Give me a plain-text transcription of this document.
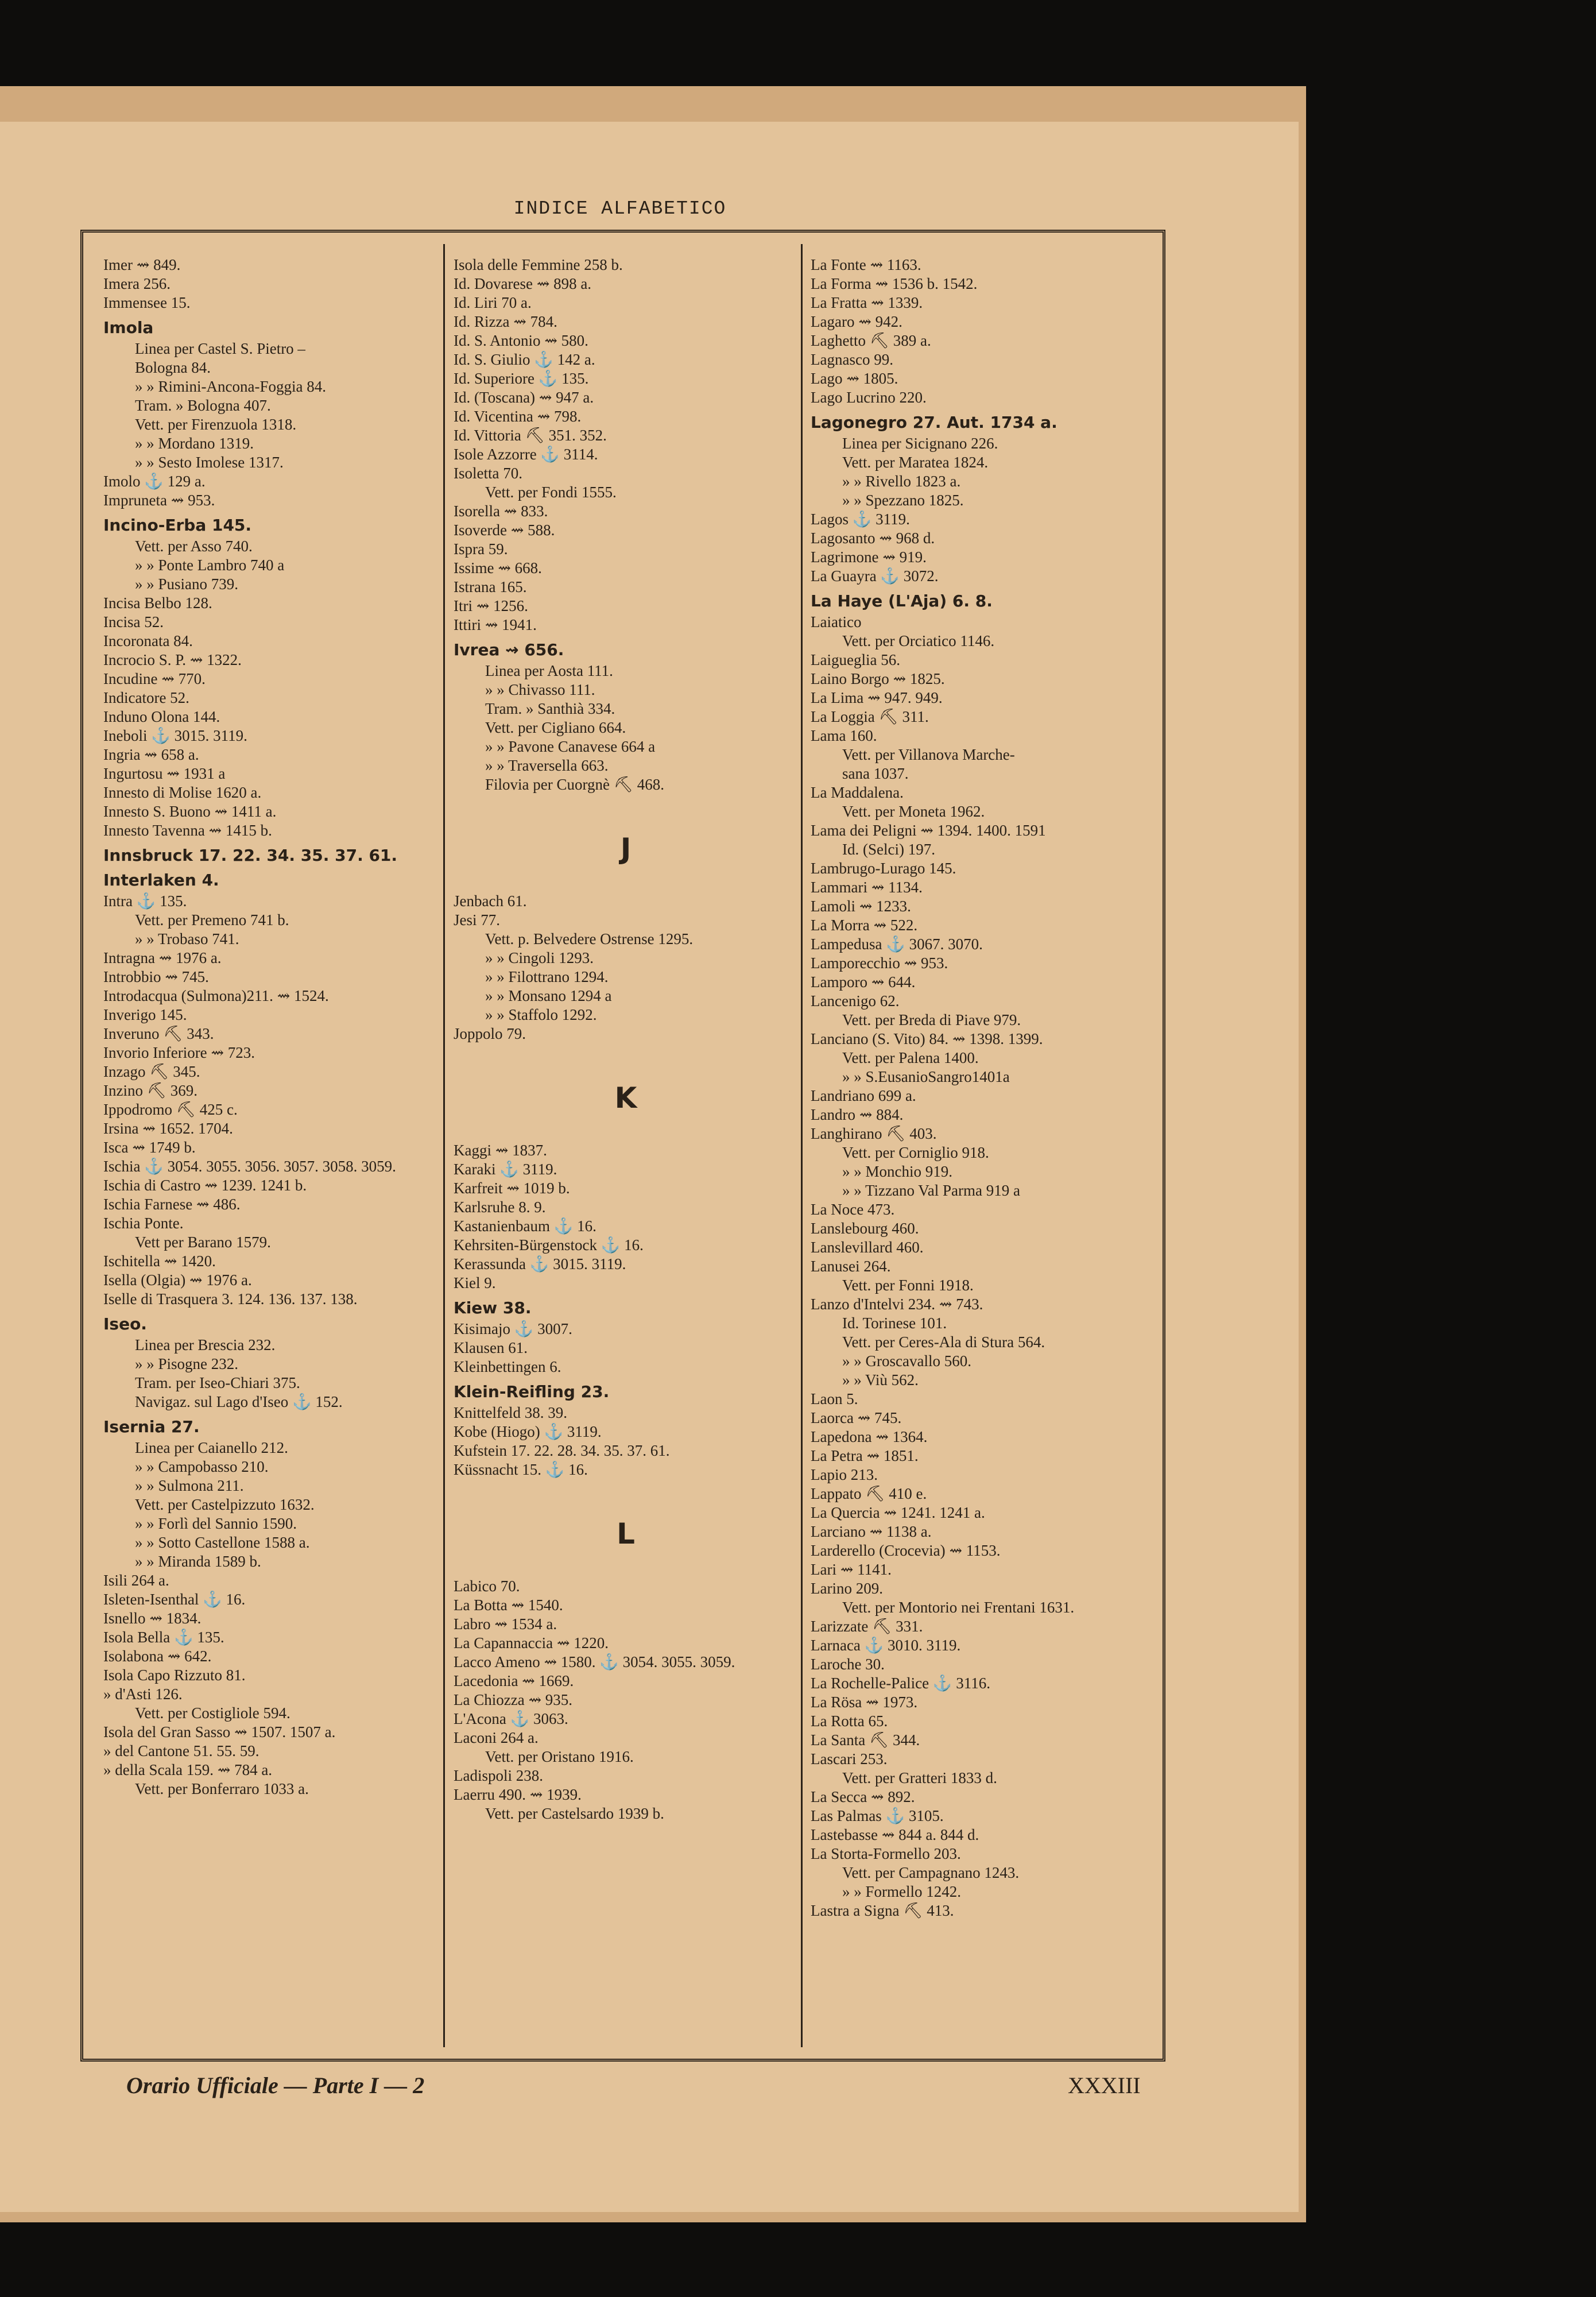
INDICE ALFABETICO
Imer ⇝ 849.
Imera 256.
Immensee 15.
Imola
Linea per Castel S. Pietro –
Bologna 84.
» » Rimini-Ancona-Foggia 84.
Tram. » Bologna 407.
Vett. per Firenzuola 1318.
» » Mordano 1319.
» » Sesto Imolese 1317.
Imolo ⚓ 129 a.
Impruneta ⇝ 953.
Incino-Erba 145.
Vett. per Asso 740.
» » Ponte Lambro 740 a
» » Pusiano 739.
Incisa Belbo 128.
Incisa 52.
Incoronata 84.
Incrocio S. P. ⇝ 1322.
Incudine ⇝ 770.
Indicatore 52.
Induno Olona 144.
Ineboli ⚓ 3015. 3119.
Ingria ⇝ 658 a.
Ingurtosu ⇝ 1931 a
Innesto di Molise 1620 a.
Innesto S. Buono ⇝ 1411 a.
Innesto Tavenna ⇝ 1415 b.
Innsbruck 17. 22. 34. 35. 37. 61.
Interlaken 4.
Intra ⚓ 135.
Vett. per Premeno 741 b.
» » Trobaso 741.
Intragna ⇝ 1976 a.
Introbbio ⇝ 745.
Introdacqua (Sulmona)211. ⇝ 1524.
Inverigo 145.
Inveruno ⛏ 343.
Invorio Inferiore ⇝ 723.
Inzago ⛏ 345.
Inzino ⛏ 369.
Ippodromo ⛏ 425 c.
Irsina ⇝ 1652. 1704.
Isca ⇝ 1749 b.
Ischia ⚓ 3054. 3055. 3056. 3057. 3058. 3059.
Ischia di Castro ⇝ 1239. 1241 b.
Ischia Farnese ⇝ 486.
Ischia Ponte.
Vett per Barano 1579.
Ischitella ⇝ 1420.
Isella (Olgia) ⇝ 1976 a.
Iselle di Trasquera 3. 124. 136. 137. 138.
Iseo.
Linea per Brescia 232.
» » Pisogne 232.
Tram. per Iseo-Chiari 375.
Navigaz. sul Lago d'Iseo ⚓ 152.
Isernia 27.
Linea per Caianello 212.
» » Campobasso 210.
» » Sulmona 211.
Vett. per Castelpizzuto 1632.
» » Forlì del Sannio 1590.
» » Sotto Castellone 1588 a.
» » Miranda 1589 b.
Isili 264 a.
Isleten-Isenthal ⚓ 16.
Isnello ⇝ 1834.
Isola Bella ⚓ 135.
Isolabona ⇝ 642.
Isola Capo Rizzuto 81.
» d'Asti 126.
Vett. per Costigliole 594.
Isola del Gran Sasso ⇝ 1507. 1507 a.
» del Cantone 51. 55. 59.
» della Scala 159. ⇝ 784 a.
Vett. per Bonferraro 1033 a.
Isola delle Femmine 258 b.
Id. Dovarese ⇝ 898 a.
Id. Liri 70 a.
Id. Rizza ⇝ 784.
Id. S. Antonio ⇝ 580.
Id. S. Giulio ⚓ 142 a.
Id. Superiore ⚓ 135.
Id. (Toscana) ⇝ 947 a.
Id. Vicentina ⇝ 798.
Id. Vittoria ⛏ 351. 352.
Isole Azzorre ⚓ 3114.
Isoletta 70.
Vett. per Fondi 1555.
Isorella ⇝ 833.
Isoverde ⇝ 588.
Ispra 59.
Issime ⇝ 668.
Istrana 165.
Itri ⇝ 1256.
Ittiri ⇝ 1941.
Ivrea ⇝ 656.
Linea per Aosta 111.
» » Chivasso 111.
Tram. » Santhià 334.
Vett. per Cigliano 664.
» » Pavone Canavese 664 a
» » Traversella 663.
Filovia per Cuorgnè ⛏ 468.
J
Jenbach 61.
Jesi 77.
Vett. p. Belvedere Ostrense 1295.
» » Cingoli 1293.
» » Filottrano 1294.
» » Monsano 1294 a
» » Staffolo 1292.
Joppolo 79.
K
Kaggi ⇝ 1837.
Karaki ⚓ 3119.
Karfreit ⇝ 1019 b.
Karlsruhe 8. 9.
Kastanienbaum ⚓ 16.
Kehrsiten-Bürgenstock ⚓ 16.
Kerassunda ⚓ 3015. 3119.
Kiel 9.
Kiew 38.
Kisimajo ⚓ 3007.
Klausen 61.
Kleinbettingen 6.
Klein-Reifling 23.
Knittelfeld 38. 39.
Kobe (Hiogo) ⚓ 3119.
Kufstein 17. 22. 28. 34. 35. 37. 61.
Küssnacht 15. ⚓ 16.
L
Labico 70.
La Botta ⇝ 1540.
Labro ⇝ 1534 a.
La Capannaccia ⇝ 1220.
Lacco Ameno ⇝ 1580. ⚓ 3054. 3055. 3059.
Lacedonia ⇝ 1669.
La Chiozza ⇝ 935.
L'Acona ⚓ 3063.
Laconi 264 a.
Vett. per Oristano 1916.
Ladispoli 238.
Laerru 490. ⇝ 1939.
Vett. per Castelsardo 1939 b.
La Fonte ⇝ 1163.
La Forma ⇝ 1536 b. 1542.
La Fratta ⇝ 1339.
Lagaro ⇝ 942.
Laghetto ⛏ 389 a.
Lagnasco 99.
Lago ⇝ 1805.
Lago Lucrino 220.
Lagonegro 27. Aut. 1734 a.
Linea per Sicignano 226.
Vett. per Maratea 1824.
» » Rivello 1823 a.
» » Spezzano 1825.
Lagos ⚓ 3119.
Lagosanto ⇝ 968 d.
Lagrimone ⇝ 919.
La Guayra ⚓ 3072.
La Haye (L'Aja) 6. 8.
Laiatico
Vett. per Orciatico 1146.
Laigueglia 56.
Laino Borgo ⇝ 1825.
La Lima ⇝ 947. 949.
La Loggia ⛏ 311.
Lama 160.
Vett. per Villanova Marche-
sana 1037.
La Maddalena.
Vett. per Moneta 1962.
Lama dei Peligni ⇝ 1394. 1400. 1591
Id. (Selci) 197.
Lambrugo-Lurago 145.
Lammari ⇝ 1134.
Lamoli ⇝ 1233.
La Morra ⇝ 522.
Lampedusa ⚓ 3067. 3070.
Lamporecchio ⇝ 953.
Lamporo ⇝ 644.
Lancenigo 62.
Vett. per Breda di Piave 979.
Lanciano (S. Vito) 84. ⇝ 1398. 1399.
Vett. per Palena 1400.
» » S.EusanioSangro1401a
Landriano 699 a.
Landro ⇝ 884.
Langhirano ⛏ 403.
Vett. per Corniglio 918.
» » Monchio 919.
» » Tizzano Val Parma 919 a
La Noce 473.
Lanslebourg 460.
Lanslevillard 460.
Lanusei 264.
Vett. per Fonni 1918.
Lanzo d'Intelvi 234. ⇝ 743.
Id. Torinese 101.
Vett. per Ceres-Ala di Stura 564.
» » Groscavallo 560.
» » Viù 562.
Laon 5.
Laorca ⇝ 745.
Lapedona ⇝ 1364.
La Petra ⇝ 1851.
Lapio 213.
Lappato ⛏ 410 e.
La Quercia ⇝ 1241. 1241 a.
Larciano ⇝ 1138 a.
Larderello (Crocevia) ⇝ 1153.
Lari ⇝ 1141.
Larino 209.
Vett. per Montorio nei Frentani 1631.
Larizzate ⛏ 331.
Larnaca ⚓ 3010. 3119.
Laroche 30.
La Rochelle-Palice ⚓ 3116.
La Rösa ⇝ 1973.
La Rotta 65.
La Santa ⛏ 344.
Lascari 253.
Vett. per Gratteri 1833 d.
La Secca ⇝ 892.
Las Palmas ⚓ 3105.
Lastebasse ⇝ 844 a. 844 d.
La Storta-Formello 203.
Vett. per Campagnano 1243.
» » Formello 1242.
Lastra a Signa ⛏ 413.
Orario Ufficiale — Parte I — 2	XXXIII
